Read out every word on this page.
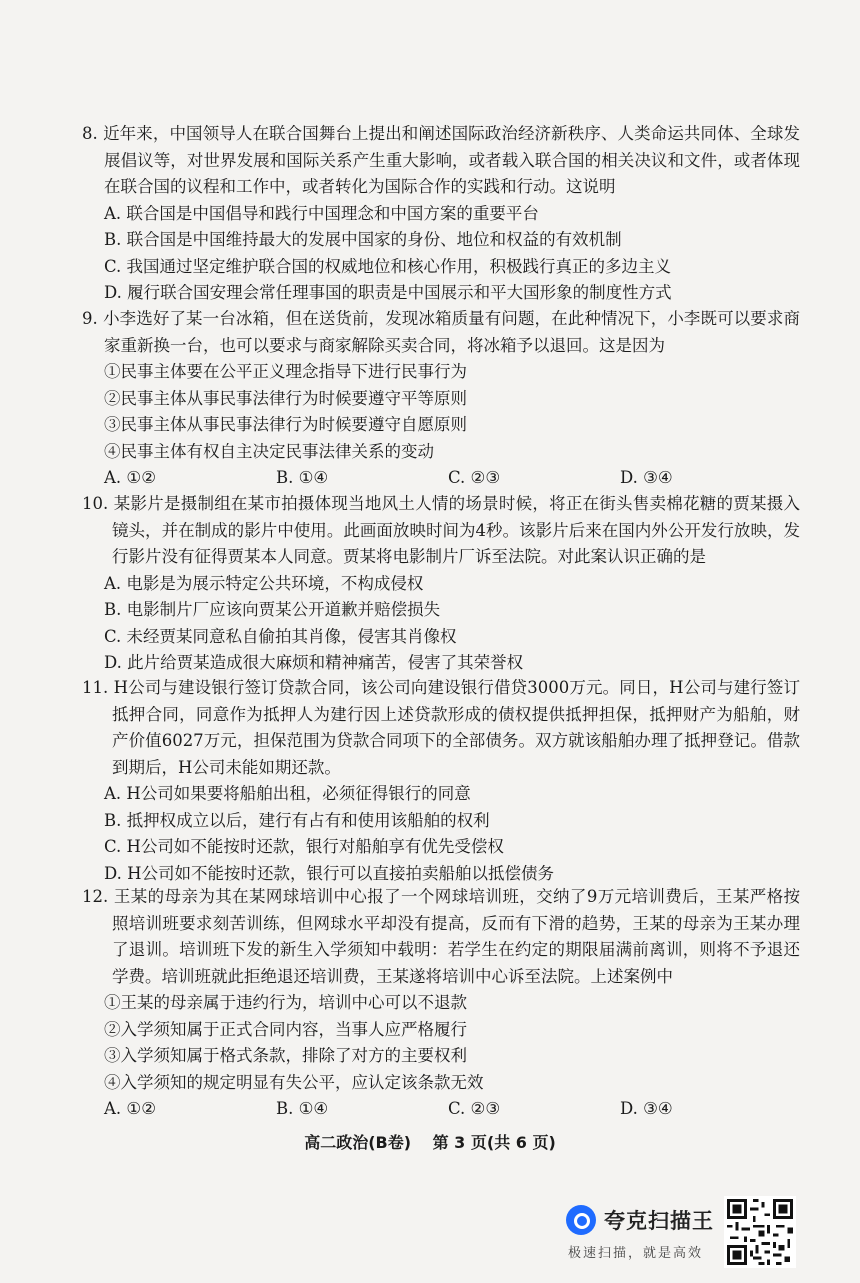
8. 近年来，中国领导人在联合国舞台上提出和阐述国际政治经济新秩序、人类命运共同体、全球发展倡议等，对世界发展和国际关系产生重大影响，或者载入联合国的相关决议和文件，或者体现在联合国的议程和工作中，或者转化为国际合作的实践和行动。这说明

A. 联合国是中国倡导和践行中国理念和中国方案的重要平台

B. 联合国是中国维持最大的发展中国家的身份、地位和权益的有效机制

C. 我国通过坚定维护联合国的权威地位和核心作用，积极践行真正的多边主义

D. 履行联合国安理会常任理事国的职责是中国展示和平大国形象的制度性方式

9. 小李选好了某一台冰箱，但在送货前，发现冰箱质量有问题，在此种情况下，小李既可以要求商家重新换一台，也可以要求与商家解除买卖合同，将冰箱予以退回。这是因为

①民事主体要在公平正义理念指导下进行民事行为

②民事主体从事民事法律行为时候要遵守平等原则

③民事主体从事民事法律行为时候要遵守自愿原则

④民事主体有权自主决定民事法律关系的变动

A. ①②	B. ①④	C. ②③	D. ③④

10. 某影片是摄制组在某市拍摄体现当地风土人情的场景时候，将正在街头售卖棉花糖的贾某摄入镜头，并在制成的影片中使用。此画面放映时间为4秒。该影片后来在国内外公开发行放映，发行影片没有征得贾某本人同意。贾某将电影制片厂诉至法院。对此案认识正确的是

A. 电影是为展示特定公共环境，不构成侵权

B. 电影制片厂应该向贾某公开道歉并赔偿损失

C. 未经贾某同意私自偷拍其肖像，侵害其肖像权

D. 此片给贾某造成很大麻烦和精神痛苦，侵害了其荣誉权

11. H公司与建设银行签订贷款合同，该公司向建设银行借贷3000万元。同日，H公司与建行签订抵押合同，同意作为抵押人为建行因上述贷款形成的债权提供抵押担保，抵押财产为船舶，财产价值6027万元，担保范围为贷款合同项下的全部债务。双方就该船舶办理了抵押登记。借款到期后，H公司未能如期还款。

A. H公司如果要将船舶出租，必须征得银行的同意

B. 抵押权成立以后，建行有占有和使用该船舶的权利

C. H公司如不能按时还款，银行对船舶享有优先受偿权

D. H公司如不能按时还款，银行可以直接拍卖船舶以抵偿债务

12. 王某的母亲为其在某网球培训中心报了一个网球培训班，交纳了9万元培训费后，王某严格按照培训班要求刻苦训练，但网球水平却没有提高，反而有下滑的趋势，王某的母亲为王某办理了退训。培训班下发的新生入学须知中载明：若学生在约定的期限届满前离训，则将不予退还学费。培训班就此拒绝退还培训费，王某遂将培训中心诉至法院。上述案例中

①王某的母亲属于违约行为，培训中心可以不退款

②入学须知属于正式合同内容，当事人应严格履行

③入学须知属于格式条款，排除了对方的主要权利

④入学须知的规定明显有失公平，应认定该条款无效

A. ①②	B. ①④	C. ②③	D. ③④
高二政治(B卷) 第 3 页(共 6 页)
夸克扫描王
极速扫描，就是高效
